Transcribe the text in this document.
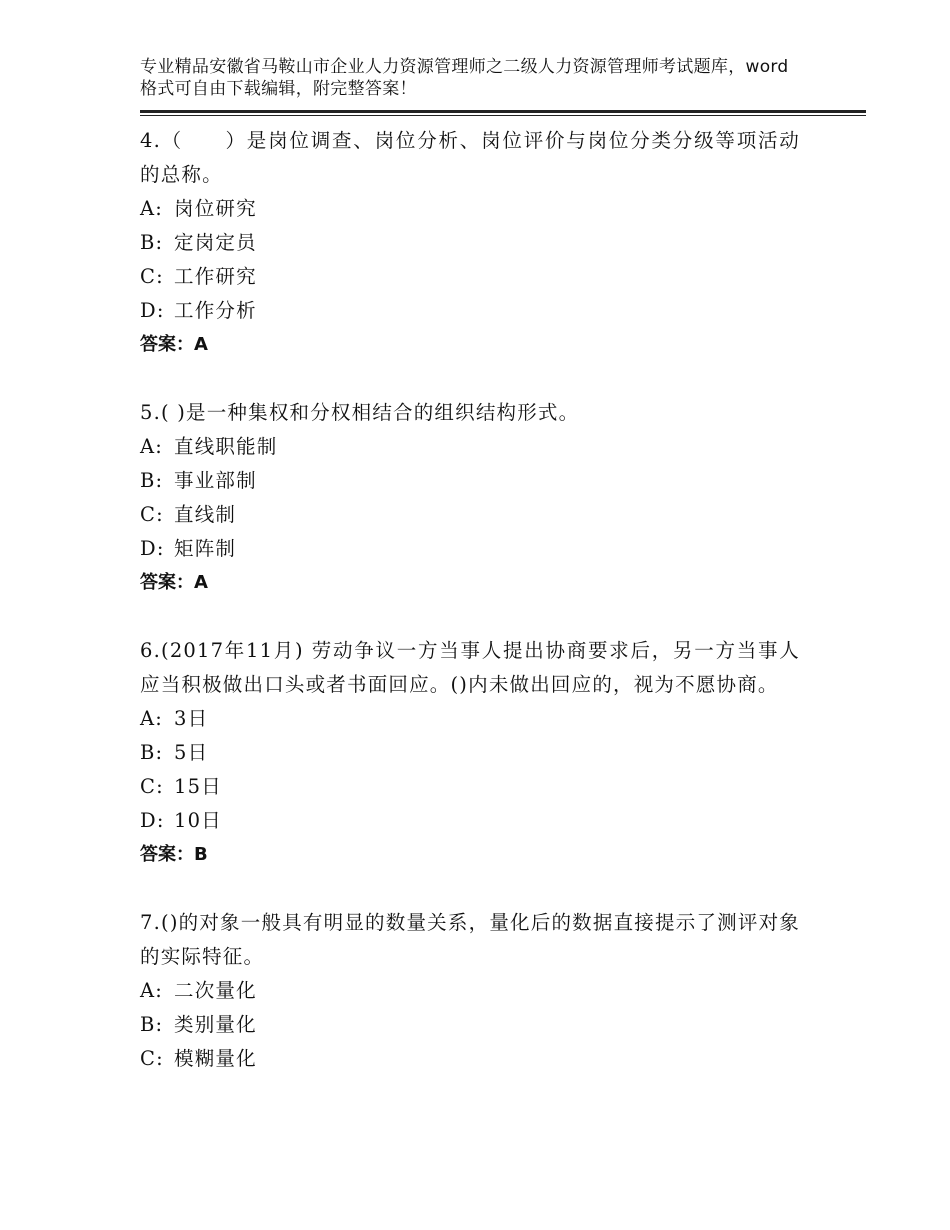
专业精品安徽省马鞍山市企业人力资源管理师之二级人力资源管理师考试题库，word格式可自由下载编辑，附完整答案！
4.（　　）是岗位调查、岗位分析、岗位评价与岗位分类分级等项活动的总称。
A: 岗位研究
B: 定岗定员
C: 工作研究
D: 工作分析
答案：A
5.( )是一种集权和分权相结合的组织结构形式。
A: 直线职能制
B: 事业部制
C: 直线制
D: 矩阵制
答案：A
6.(2017年11月) 劳动争议一方当事人提出协商要求后，另一方当事人应当积极做出口头或者书面回应。()内未做出回应的，视为不愿协商。
A: 3日
B: 5日
C: 15日
D: 10日
答案：B
7.()的对象一般具有明显的数量关系，量化后的数据直接提示了测评对象的实际特征。
A: 二次量化
B: 类别量化
C: 模糊量化
